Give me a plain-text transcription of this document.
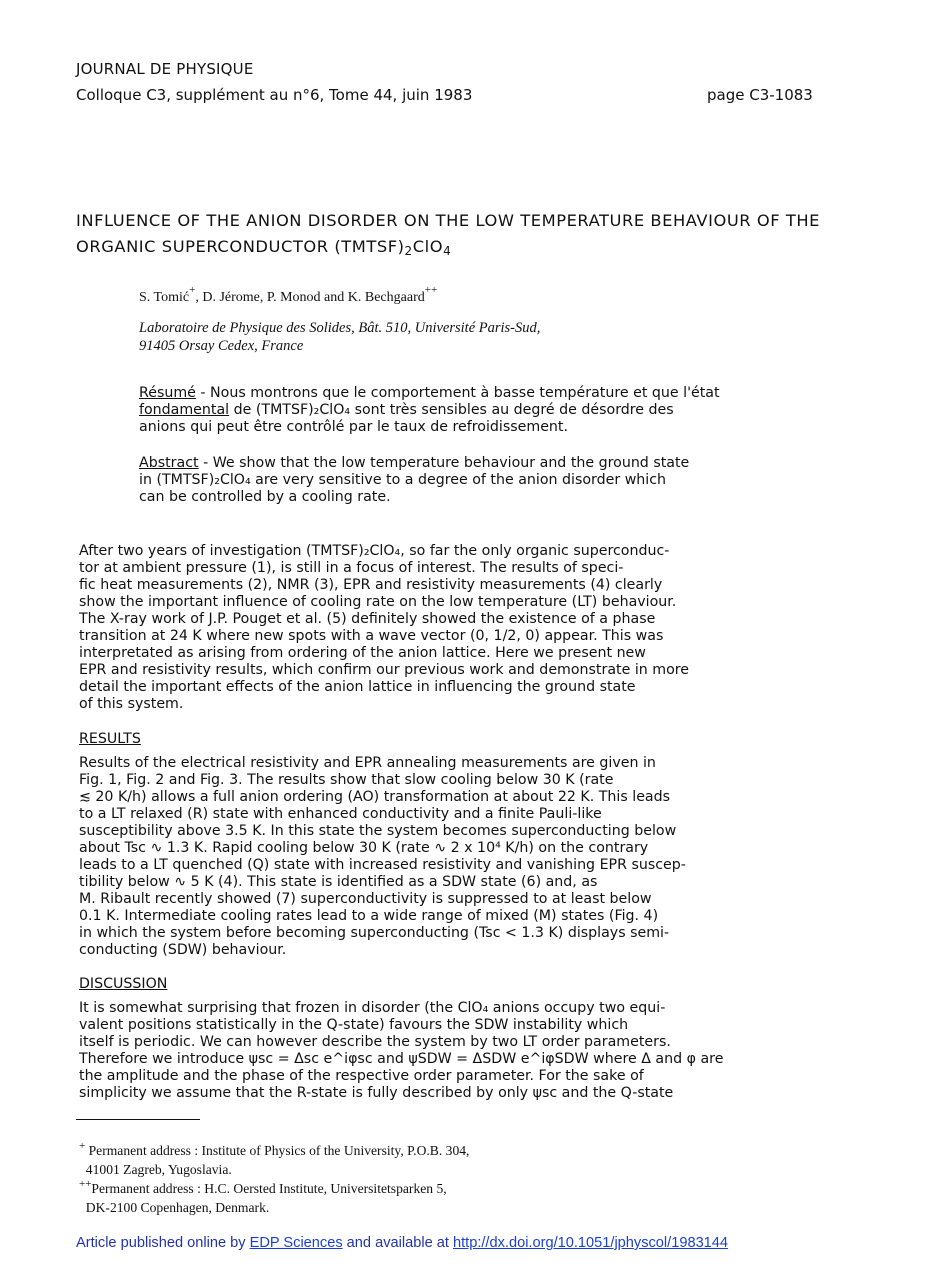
JOURNAL DE PHYSIQUE
Colloque C3, supplément au n°6, Tome 44, juin 1983	page C3-1083
INFLUENCE OF THE ANION DISORDER ON THE LOW TEMPERATURE BEHAVIOUR OF THE
ORGANIC SUPERCONDUCTOR $(TMTSF)_2ClO_4$
S. Tomić+, D. Jérome, P. Monod and K. Bechgaard++
Laboratoire de Physique des Solides, Bât. 510, Université Paris-Sud,
91405 Orsay Cedex, France
Résumé - Nous montrons que le comportement à basse température et que l'état
fondamental de (TMTSF)₂ClO₄ sont très sensibles au degré de désordre des
anions qui peut être contrôlé par le taux de refroidissement.
Abstract - We show that the low temperature behaviour and the ground state
in (TMTSF)₂ClO₄ are very sensitive to a degree of the anion disorder which
can be controlled by a cooling rate.
After two years of investigation (TMTSF)₂ClO₄, so far the only organic superconduc-
tor at ambient pressure (1), is still in a focus of interest. The results of speci-
fic heat measurements (2), NMR (3), EPR and resistivity measurements (4) clearly
show the important influence of cooling rate on the low temperature (LT) behaviour.
The X-ray work of J.P. Pouget et al. (5) definitely showed the existence of a phase
transition at 24 K where new spots with a wave vector (0, 1/2, 0) appear. This was
interpretated as arising from ordering of the anion lattice. Here we present new
EPR and resistivity results, which confirm our previous work and demonstrate in more
detail the important effects of the anion lattice in influencing the ground state
of this system.
RESULTS
Results of the electrical resistivity and EPR annealing measurements are given in
Fig. 1, Fig. 2 and Fig. 3. The results show that slow cooling below 30 K (rate
≲ 20 K/h) allows a full anion ordering (AO) transformation at about 22 K. This leads
to a LT relaxed (R) state with enhanced conductivity and a finite Pauli-like
susceptibility above 3.5 K. In this state the system becomes superconducting below
about Tsc ∿ 1.3 K. Rapid cooling below 30 K (rate ∿ 2 x 10⁴ K/h) on the contrary
leads to a LT quenched (Q) state with increased resistivity and vanishing EPR suscep-
tibility below ∿ 5 K (4). This state is identified as a SDW state (6) and, as
M. Ribault recently showed (7) superconductivity is suppressed to at least below
0.1 K. Intermediate cooling rates lead to a wide range of mixed (M) states (Fig. 4)
in which the system before becoming superconducting (Tsc < 1.3 K) displays semi-
conducting (SDW) behaviour.
DISCUSSION
It is somewhat surprising that frozen in disorder (the ClO₄ anions occupy two equi-
valent positions statistically in the Q-state) favours the SDW instability which
itself is periodic. We can however describe the system by two LT order parameters.
Therefore we introduce ψsc = Δsc e^iφsc and ψSDW = ΔSDW e^iφSDW where Δ and φ are
the amplitude and the phase of the respective order parameter. For the sake of
simplicity we assume that the R-state is fully described by only ψsc and the Q-state
+ Permanent address : Institute of Physics of the University, P.O.B. 304,
41001 Zagreb, Yugoslavia.
++Permanent address : H.C. Oersted Institute, Universitetsparken 5,
DK-2100 Copenhagen, Denmark.
Article published online by EDP Sciences and available at http://dx.doi.org/10.1051/jphyscol/1983144
